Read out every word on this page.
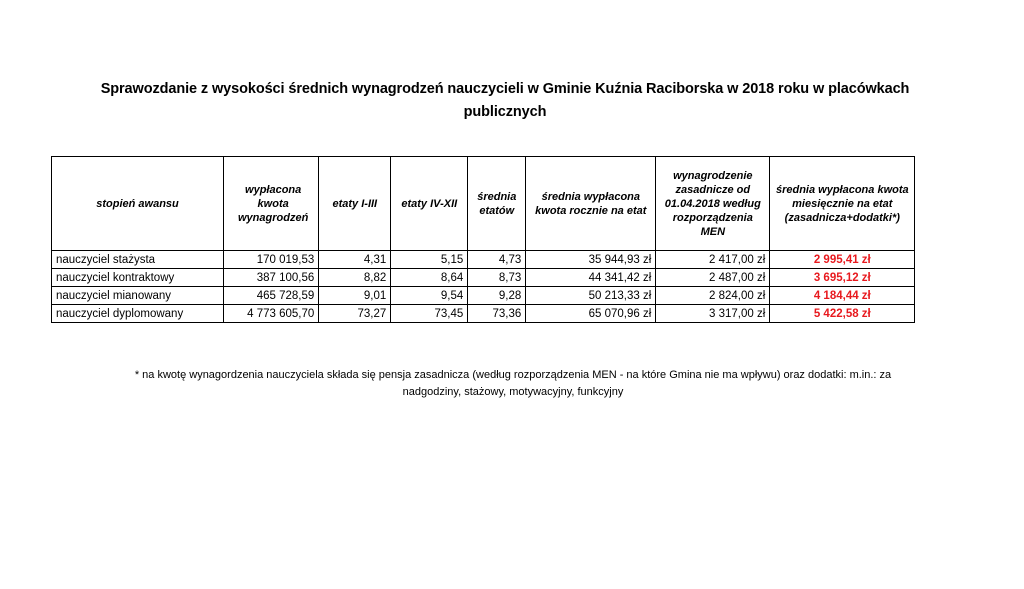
Sprawozdanie z wysokości średnich wynagrodzeń nauczycieli w Gminie Kuźnia Raciborska w 2018 roku w placówkach publicznych
stopień awansu	wypłacona kwota wynagrodzeń	etaty I-III	etaty IV-XII	średnia etatów	średnia wypłacona kwota rocznie na etat	wynagrodzenie zasadnicze od 01.04.2018 według rozporządzenia MEN	średnia wypłacona kwota miesięcznie na etat (zasadnicza+dodatki*)
nauczyciel stażysta	170 019,53	4,31	5,15	4,73	35 944,93 zł	2 417,00 zł	2 995,41 zł
nauczyciel kontraktowy	387 100,56	8,82	8,64	8,73	44 341,42 zł	2 487,00 zł	3 695,12 zł
nauczyciel mianowany	465 728,59	9,01	9,54	9,28	50 213,33 zł	2 824,00 zł	4 184,44 zł
nauczyciel dyplomowany	4 773 605,70	73,27	73,45	73,36	65 070,96 zł	3 317,00 zł	5 422,58 zł
* na kwotę wynagordzenia nauczyciela składa się pensja zasadnicza (według rozporządzenia MEN - na które Gmina nie ma wpływu) oraz dodatki: m.in.: za
nadgodziny, stażowy, motywacyjny, funkcyjny
